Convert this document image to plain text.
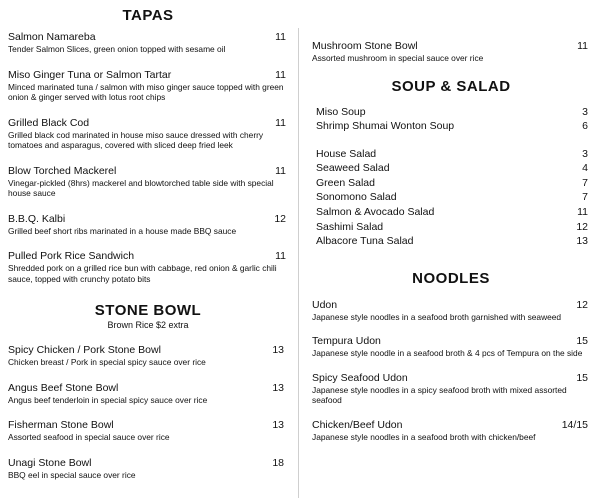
TAPAS
Salmon Namareba	11
Tender Salmon Slices, green onion topped with sesame oil
Miso Ginger Tuna or Salmon Tartar	11
Minced marinated tuna / salmon with miso ginger sauce topped with green onion & ginger served with lotus root chips
Grilled Black Cod	11
Grilled black cod marinated in house miso sauce dressed with cherry tomatoes and asparagus, covered with sliced deep fried leek
Blow Torched Mackerel	11
Vinegar-pickled (8hrs) mackerel and blowtorched table side with special house sauce
B.B.Q. Kalbi	12
Grilled beef short ribs marinated in a house made BBQ sauce
Pulled Pork Rice Sandwich	11
Shredded pork on a grilled rice bun with cabbage, red onion & garlic chili sauce, topped with crunchy potato bits
STONE BOWL
Brown Rice $2 extra
Spicy Chicken / Pork Stone Bowl	13
Chicken breast / Pork in special spicy sauce over rice
Angus Beef Stone Bowl	13
Angus beef tenderloin in special spicy sauce over rice
Fisherman Stone Bowl	13
Assorted seafood in special sauce over rice
Unagi Stone Bowl	18
BBQ eel in special sauce over rice
Mushroom Stone Bowl	11
Assorted mushroom in special sauce over rice
SOUP & SALAD
Miso Soup	3
Shrimp Shumai Wonton Soup	6
House Salad	3
Seaweed Salad	4
Green Salad	7
Sonomono Salad	7
Salmon & Avocado Salad	11
Sashimi Salad	12
Albacore Tuna Salad	13
NOODLES
Udon	12
Japanese style noodles in a seafood broth garnished with seaweed
Tempura Udon	15
Japanese style noodle in a seafood broth & 4 pcs of Tempura on the side
Spicy Seafood Udon	15
Japanese style noodles in a spicy seafood broth with mixed assorted seafood
Chicken/Beef Udon	14/15
Japanese style noodles in a seafood broth with chicken/beef
